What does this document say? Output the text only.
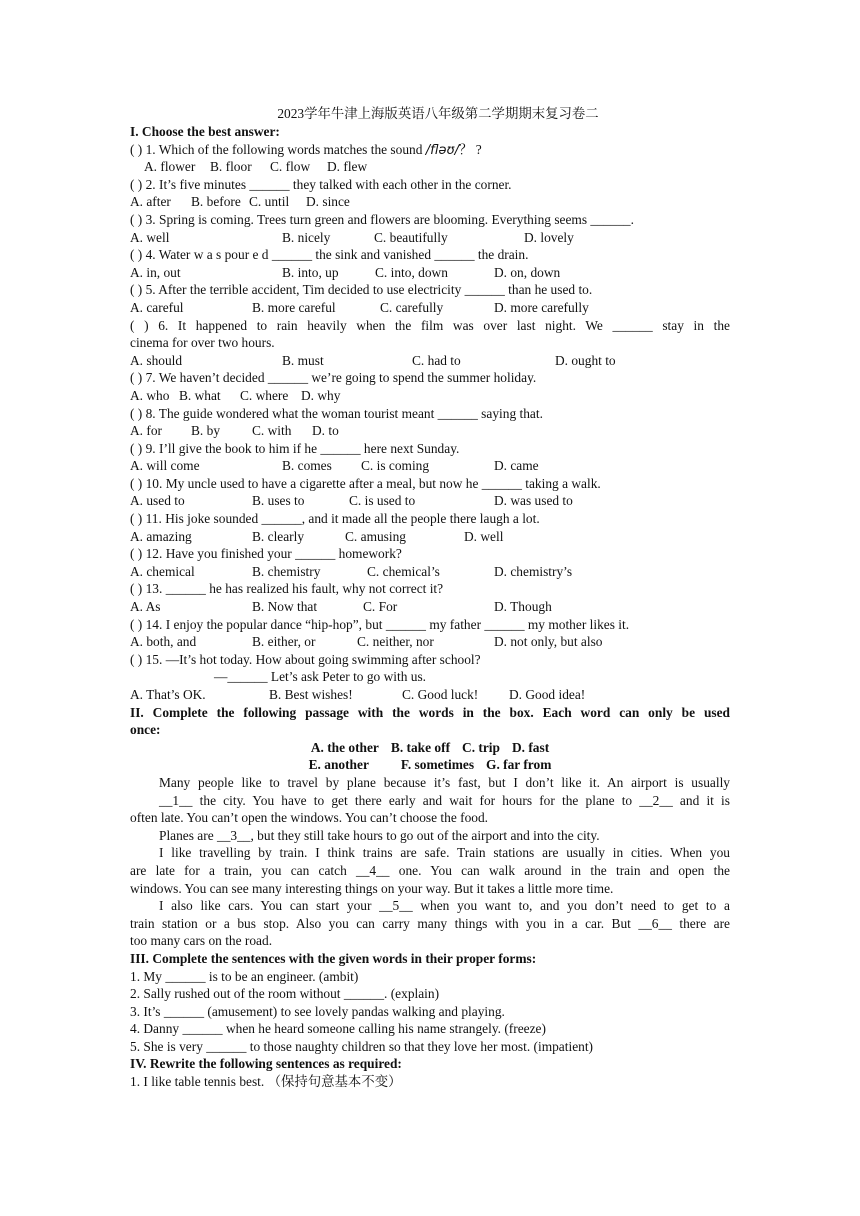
2023学年牛津上海版英语八年级第二学期期末复习卷二
I. Choose the best answer:
( ) 1. Which of the following words matches the sound /fləʊ/？ ?
A. flower B. floor C. flow D. flew
( ) 2. It’s five minutes ______ they talked with each other in the corner.
A. after B. before C. until D. since
( ) 3. Spring is coming. Trees turn green and flowers are blooming. Everything seems ______.
A. well	B. nicely	C. beautifully	D. lovely
( ) 4. Water w a s pour e d ______ the sink and vanished ______ the drain.
A. in, out	B. into, up	C. into, down	D. on, down
( ) 5. After the terrible accident, Tim decided to use electricity ______ than he used to.
A. careful	B. more careful	C. carefully	D. more carefully
( ) 6. It happened to rain heavily when the film was over last night. We ______ stay in the
cinema for over two hours.
A. should	B. must	C. had to	D. ought to
( ) 7. We haven’t decided ______ we’re going to spend the summer holiday.
A. who B. what C. where D. why
( ) 8. The guide wondered what the woman tourist meant ______ saying that.
A. for B. by C. with D. to
( ) 9. I’ll give the book to him if he ______ here next Sunday.
A. will come	B. comes C. is coming	D. came
( ) 10. My uncle used to have a cigarette after a meal, but now he ______ taking a walk.
A. used to	B. uses to	C. is used to	D. was used to
( ) 11. His joke sounded ______, and it made all the people there laugh a lot.
A. amazing	B. clearly	C. amusing	D. well
( ) 12. Have you finished your ______ homework?
A. chemical	B. chemistry	C. chemical’s	D. chemistry’s
( ) 13. ______ he has realized his fault, why not correct it?
A. As	B. Now that	C. For	D. Though
( ) 14. I enjoy the popular dance “hip-hop”, but ______ my father ______ my mother likes it.
A. both, and	B. either, or	C. neither, nor	D. not only, but also
( ) 15. —It’s hot today. How about going swimming after school?
—______ Let’s ask Peter to go with us.
A. That’s OK.	B. Best wishes!	C. Good luck! D. Good idea!
II. Complete the following passage with the words in the box. Each word can only be used
once:
A. the other B. take off C. trip D. fast
E. another F. sometimes G. far from
Many people like to travel by plane because it’s fast, but I don’t like it. An airport is usually
__1__ the city. You have to get there early and wait for hours for the plane to __2__ and it is
often late. You can’t open the windows. You can’t choose the food.
Planes are __3__, but they still take hours to go out of the airport and into the city.
I like travelling by train. I think trains are safe. Train stations are usually in cities. When you
are late for a train, you can catch __4__ one. You can walk around in the train and open the
windows. You can see many interesting things on your way. But it takes a little more time.
I also like cars. You can start your __5__ when you want to, and you don’t need to get to a
train station or a bus stop. Also you can carry many things with you in a car. But __6__ there are
too many cars on the road.
III. Complete the sentences with the given words in their proper forms:
1. My ______ is to be an engineer. (ambit)
2. Sally rushed out of the room without ______. (explain)
3. It’s ______ (amusement) to see lovely pandas walking and playing.
4. Danny ______ when he heard someone calling his name strangely. (freeze)
5. She is very ______ to those naughty children so that they love her most. (impatient)
IV. Rewrite the following sentences as required:
1. I like table tennis best. （保持句意基本不变）
